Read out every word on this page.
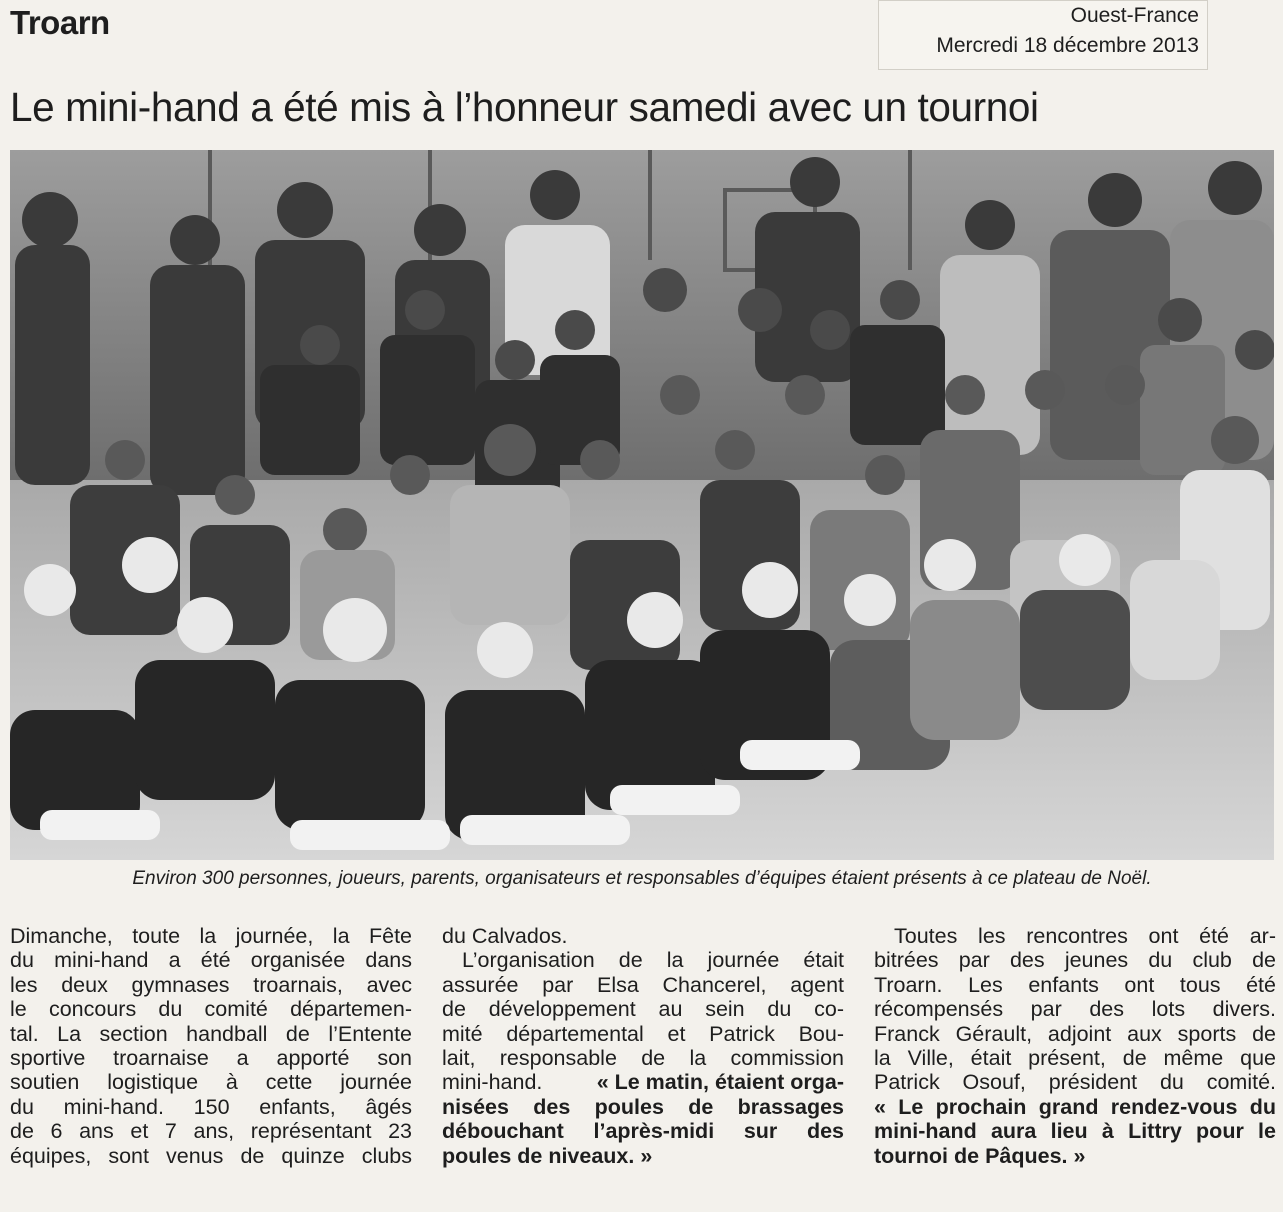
Troarn	Ouest-France
Mercredi 18 décembre 2013
Le mini-hand a été mis à l’honneur samedi avec un tournoi

Environ 300 personnes, joueurs, parents, organisateurs et responsables d’équipes étaient présents à ce plateau de Noël.

Dimanche, toute la journée, la Fête
du mini-hand a été organisée dans
les deux gymnases troarnais, avec
le concours du comité départemen-
tal. La section handball de l’Entente
sportive troarnaise a apporté son
soutien logistique à cette journée
du mini-hand. 150 enfants, âgés
de 6 ans et 7 ans, représentant 23
équipes, sont venus de quinze clubs

du Calvados.
L’organisation de la journée était
assurée par Elsa Chancerel, agent
de développement au sein du co-
mité départemental et Patrick Bou-
lait, responsable de la commission
mini-hand.	« Le matin, étaient orga-
nisées des poules de brassages
débouchant l’après-midi sur des
poules de niveaux. »

Toutes les rencontres ont été ar-
bitrées par des jeunes du club de
Troarn. Les enfants ont tous été
récompensés par des lots divers.
Franck Gérault, adjoint aux sports de
la Ville, était présent, de même que
Patrick Osouf, président du comité.
« Le prochain grand rendez-vous du
mini-hand aura lieu à Littry pour le
tournoi de Pâques. »
